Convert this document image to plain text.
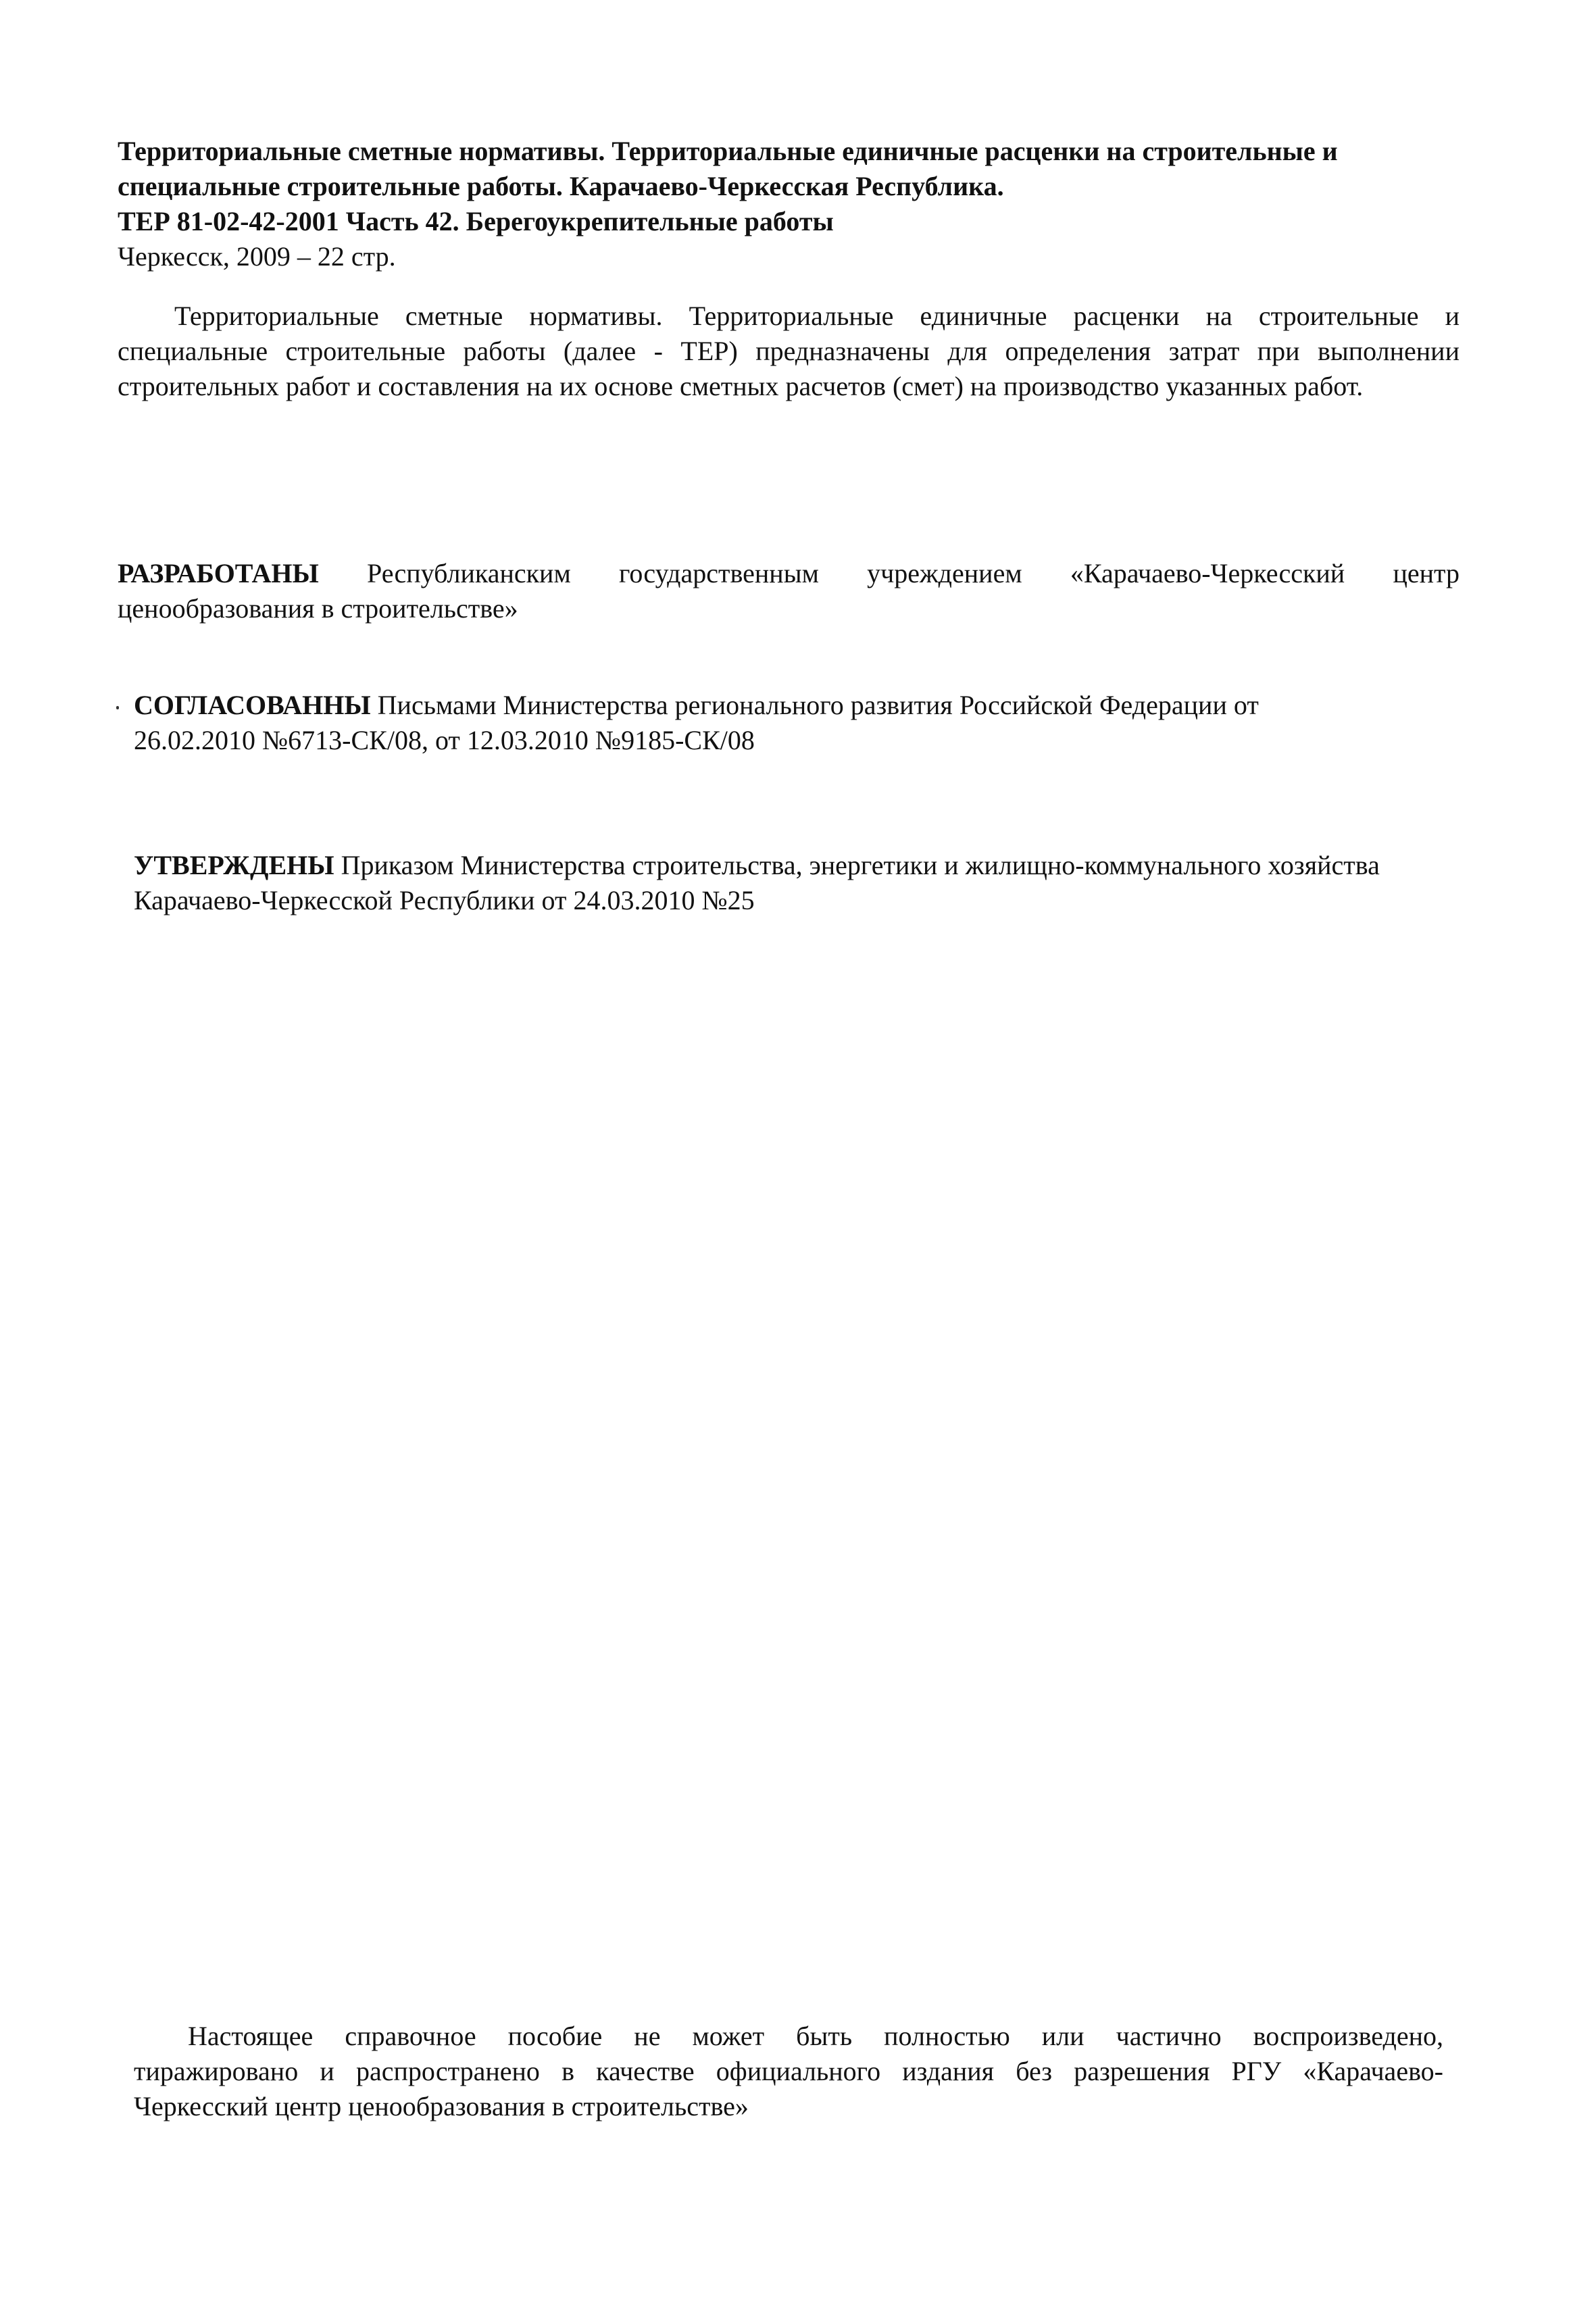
Территориальные сметные нормативы. Территориальные единичные расценки на строительные и
специальные строительные работы. Карачаево-Черкесская Республика.
ТЕР 81-02-42-2001 Часть 42. Берегоукрепительные работы
Черкесск, 2009 – 22 стр.
Территориальные сметные нормативы. Территориальные единичные расценки на строительные и
специальные строительные работы (далее - ТЕР) предназначены для определения затрат при выполнении
строительных работ и составления на их основе сметных расчетов (смет) на производство указанных работ.
РАЗРАБОТАНЫ Республиканским государственным учреждением «Карачаево-Черкесский центр
ценообразования в строительстве»
СОГЛАСОВАННЫ Письмами Министерства регионального развития Российской Федерации от
26.02.2010 №6713-СК/08, от 12.03.2010 №9185-СК/08
УТВЕРЖДЕНЫ Приказом Министерства строительства, энергетики и жилищно-коммунального хозяйства
Карачаево-Черкесской Республики от 24.03.2010 №25
Настоящее справочное пособие не может быть полностью или частично воспроизведено,
тиражировано и распространено в качестве официального издания без разрешения РГУ «Карачаево-
Черкесский цeнтр ценообразования в строительстве»
